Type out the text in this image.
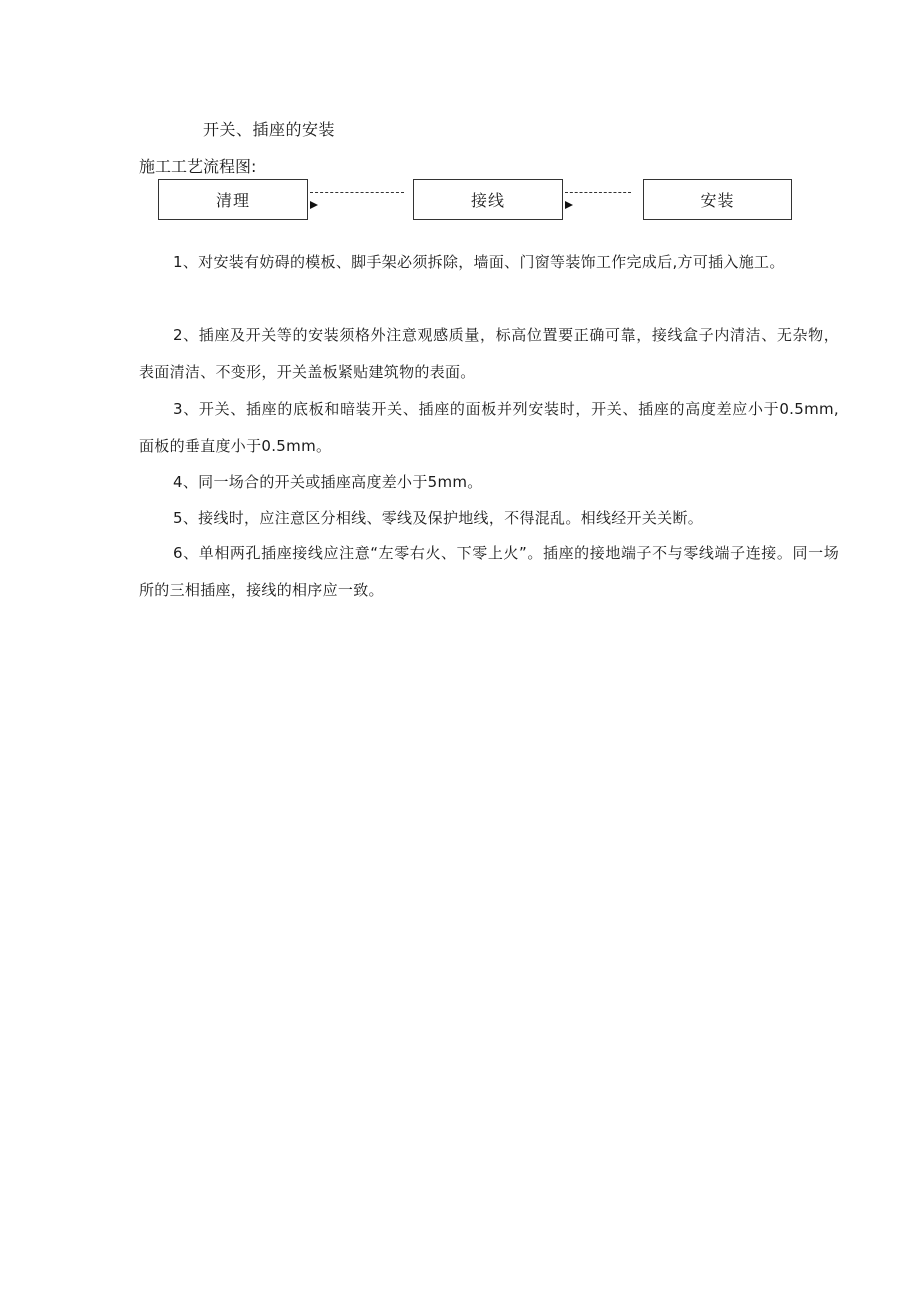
开关、插座的安装
施工工艺流程图:
清理	接线	安装

1、对安装有妨碍的模板、脚手架必须拆除，墙面、门窗等装饰工作完成后,方可插入施工。

2、插座及开关等的安装须格外注意观感质量，标高位置要正确可靠，接线盒子内清洁、无杂物，表面清洁、不变形，开关盖板紧贴建筑物的表面。

3、开关、插座的底板和暗装开关、插座的面板并列安装时，开关、插座的高度差应小于0.5mm,面板的垂直度小于0.5mm。

4、同一场合的开关或插座高度差小于5mm。

5、接线时，应注意区分相线、零线及保护地线，不得混乱。相线经开关关断。

6、单相两孔插座接线应注意“左零右火、下零上火”。插座的接地端子不与零线端子连接。同一场所的三相插座，接线的相序应一致。
